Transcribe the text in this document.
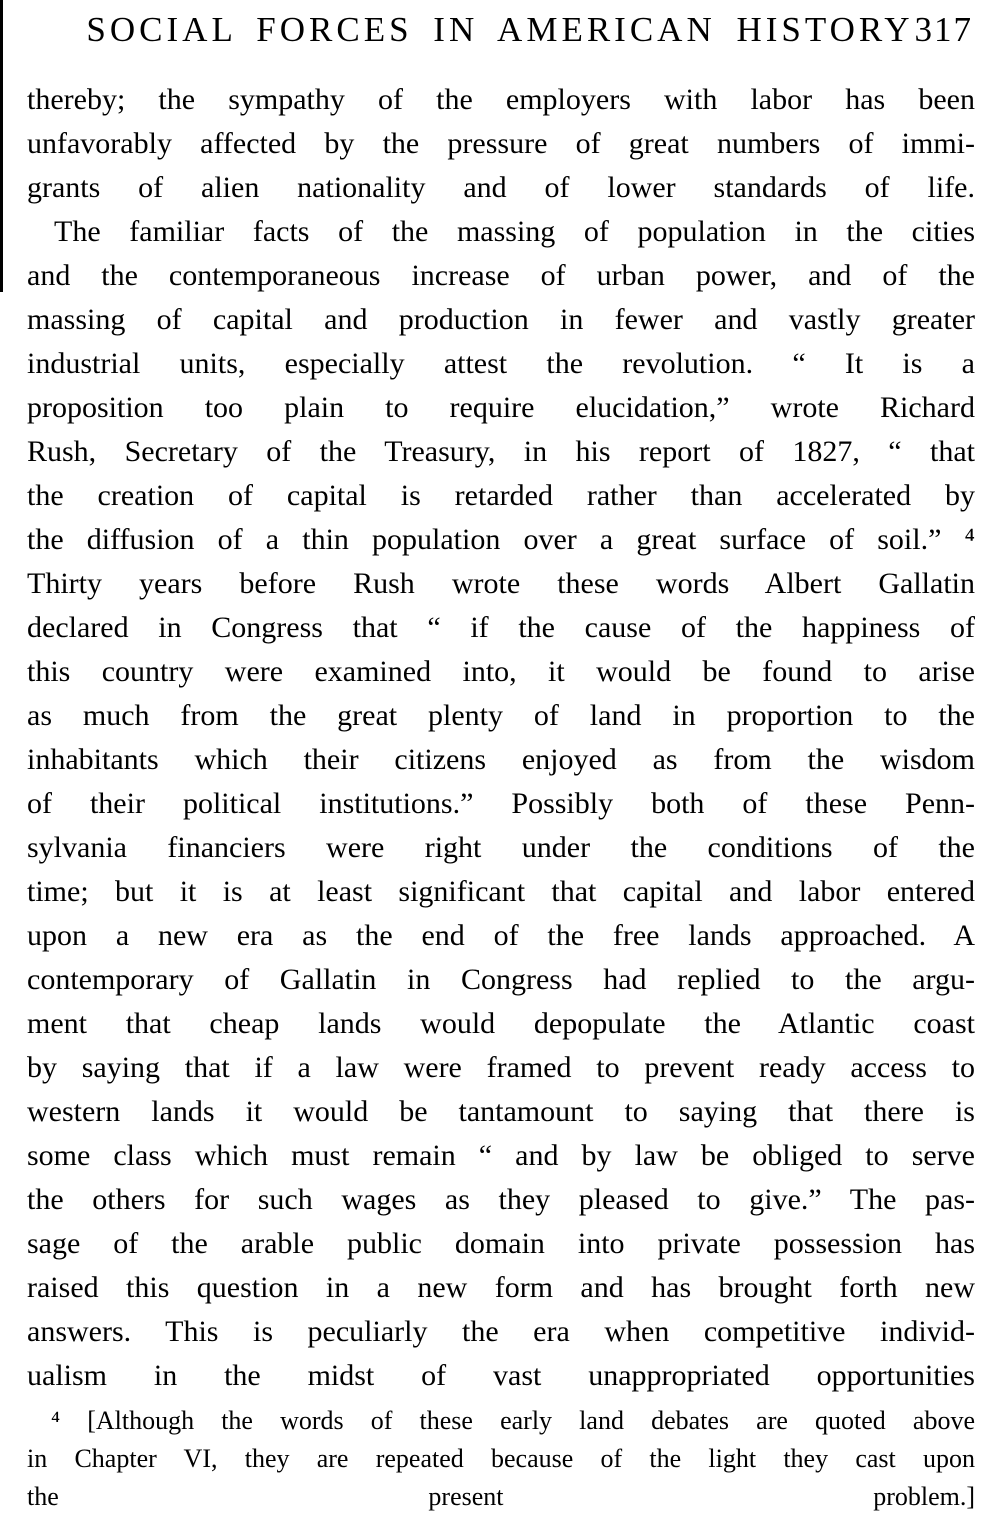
SOCIAL FORCES IN AMERICAN HISTORY 317
thereby; the sympathy of the employers with labor has been
unfavorably affected by the pressure of great numbers of immi-
grants of alien nationality and of lower standards of life.
The familiar facts of the massing of population in the cities
and the contemporaneous increase of urban power, and of the
massing of capital and production in fewer and vastly greater
industrial units, especially attest the revolution. “ It is a
proposition too plain to require elucidation,” wrote Richard
Rush, Secretary of the Treasury, in his report of 1827, “ that
the creation of capital is retarded rather than accelerated by
the diffusion of a thin population over a great surface of soil.” ⁴
Thirty years before Rush wrote these words Albert Gallatin
declared in Congress that “ if the cause of the happiness of
this country were examined into, it would be found to arise
as much from the great plenty of land in proportion to the
inhabitants which their citizens enjoyed as from the wisdom
of their political institutions.” Possibly both of these Penn-
sylvania financiers were right under the conditions of the
time; but it is at least significant that capital and labor entered
upon a new era as the end of the free lands approached. A
contemporary of Gallatin in Congress had replied to the argu-
ment that cheap lands would depopulate the Atlantic coast
by saying that if a law were framed to prevent ready access to
western lands it would be tantamount to saying that there is
some class which must remain “ and by law be obliged to serve
the others for such wages as they pleased to give.” The pas-
sage of the arable public domain into private possession has
raised this question in a new form and has brought forth new
answers. This is peculiarly the era when competitive individ-
ualism in the midst of vast unappropriated opportunities
⁴ [Although the words of these early land debates are quoted above
in Chapter VI, they are repeated because of the light they cast upon
the present problem.]
